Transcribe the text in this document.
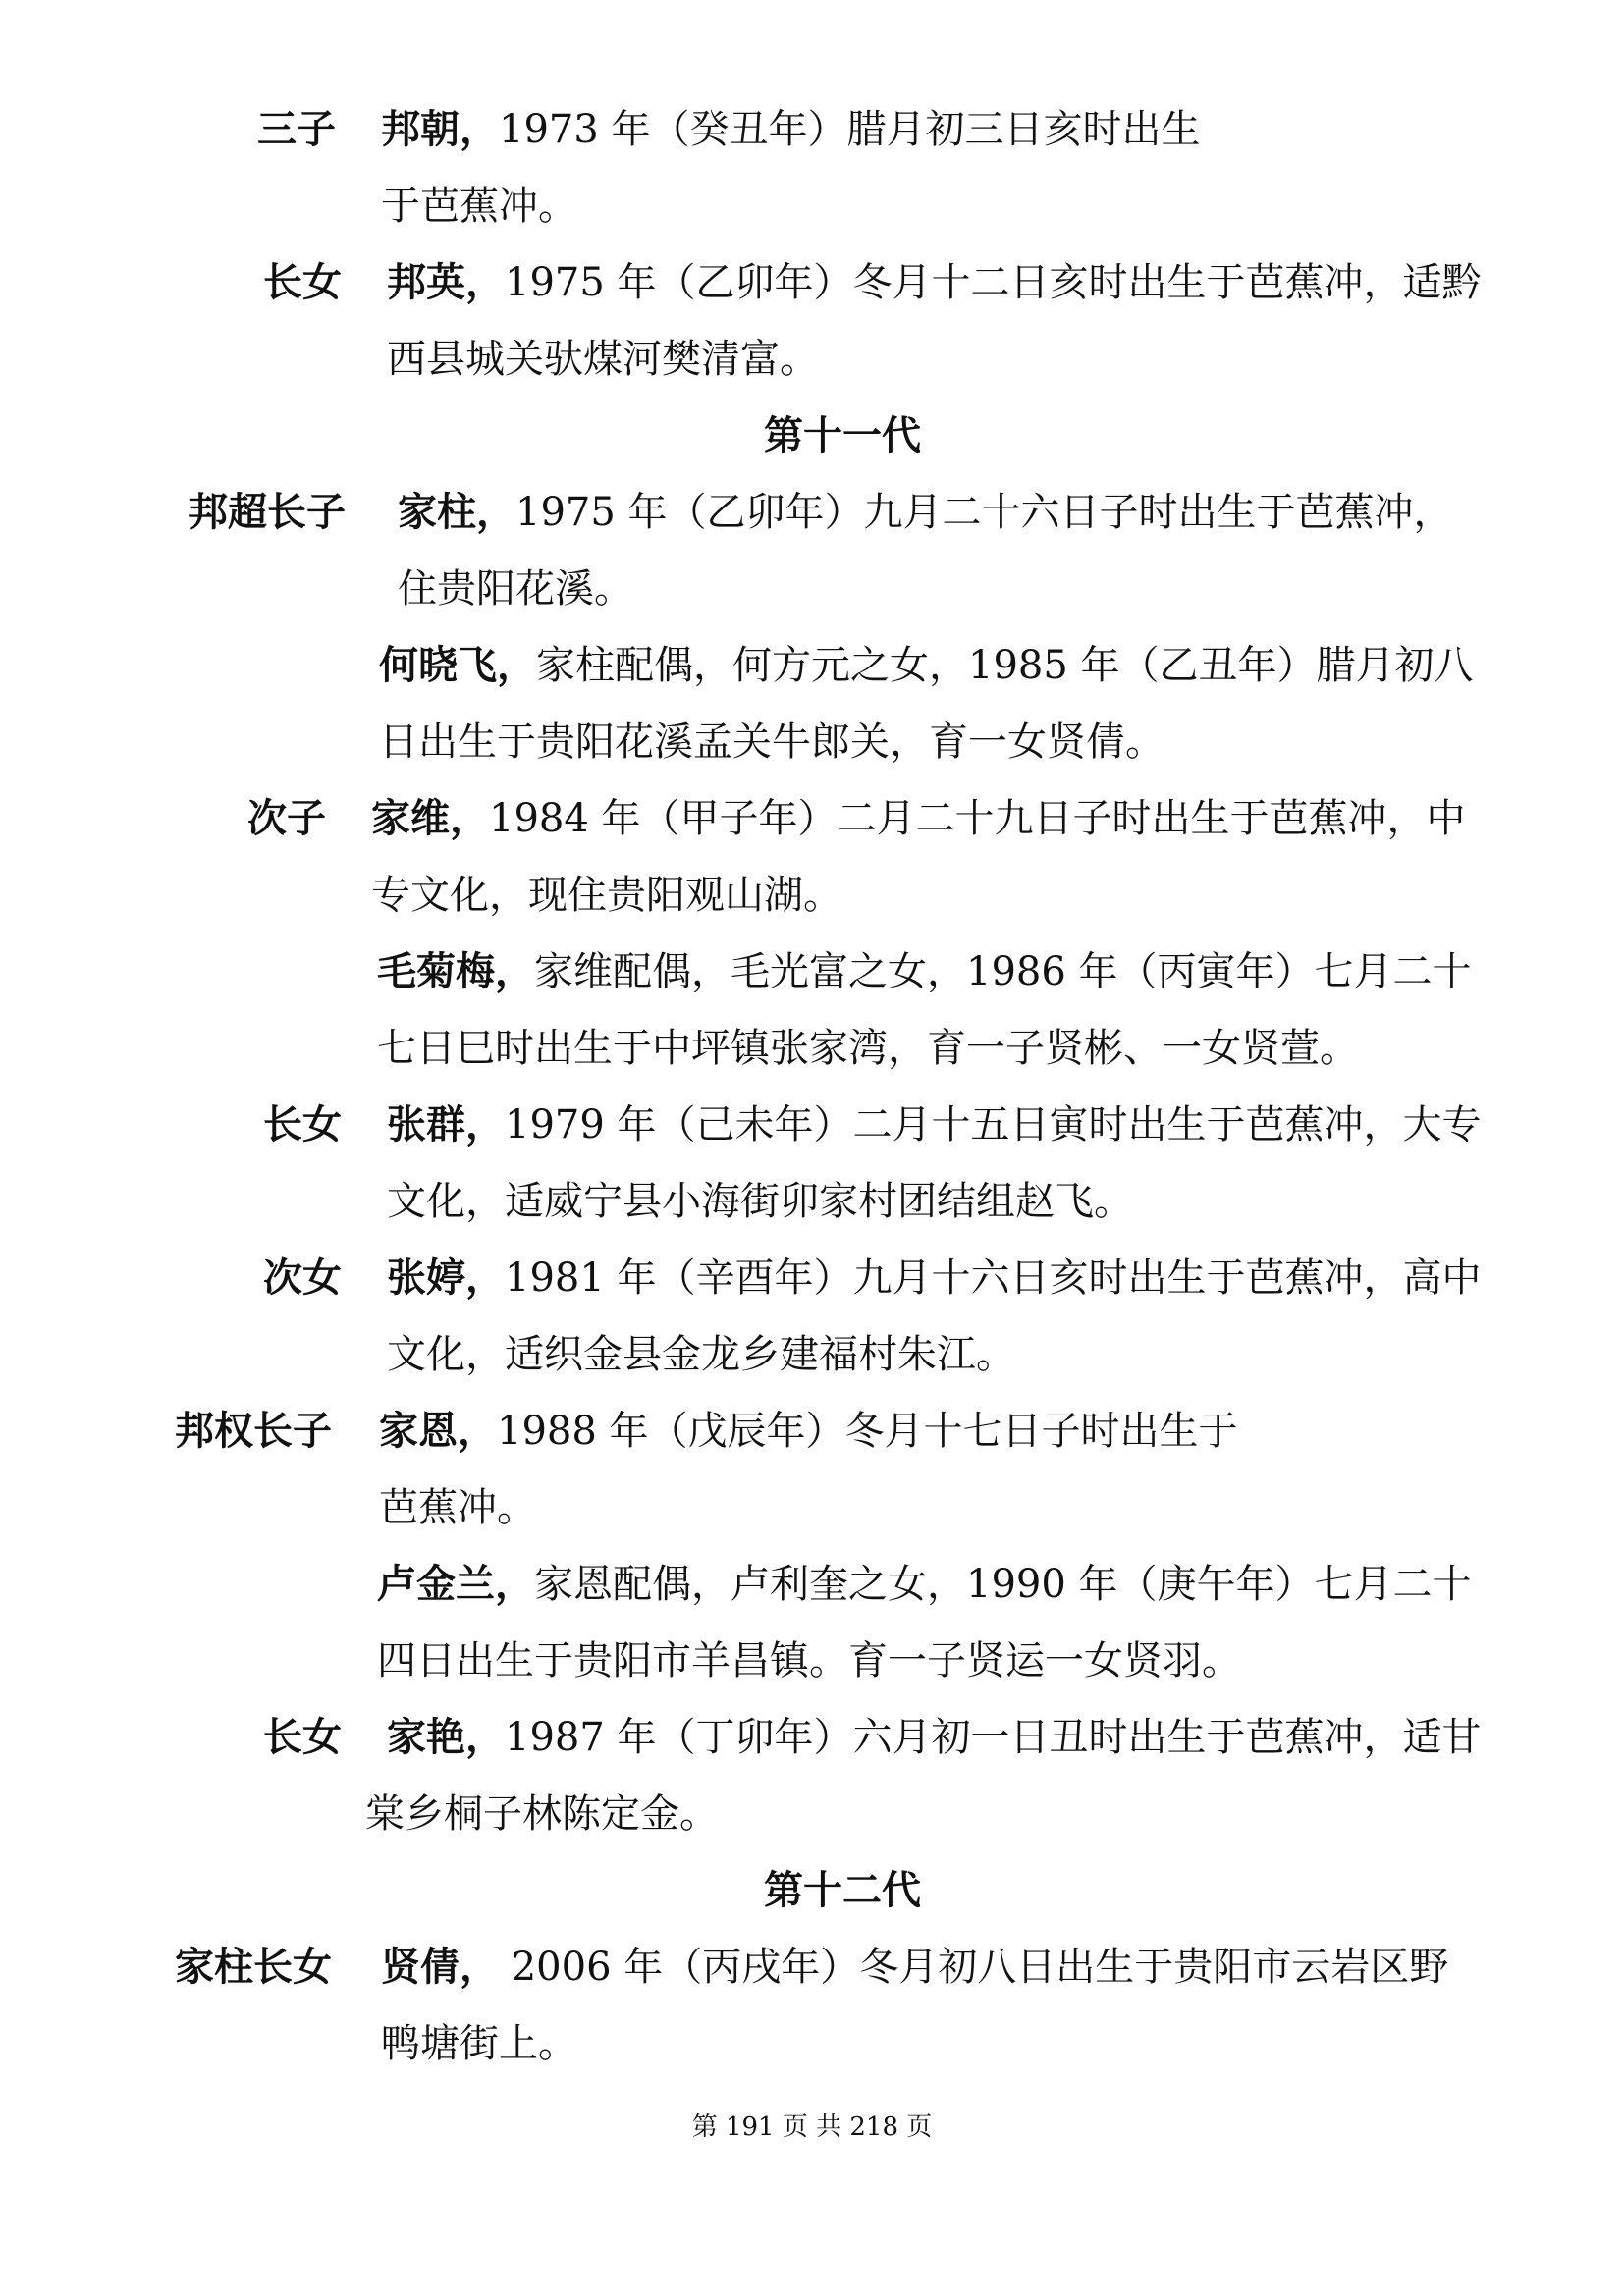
三子 邦朝，1973 年（癸丑年）腊月初三日亥时出生
于芭蕉冲。
长女 邦英，1975 年（乙卯年）冬月十二日亥时出生于芭蕉冲，适黔
西县城关驮煤河樊清富。
第十一代
邦超长子 家柱，1975 年（乙卯年）九月二十六日子时出生于芭蕉冲，
住贵阳花溪。
何晓飞，家柱配偶，何方元之女，1985 年（乙丑年）腊月初八
日出生于贵阳花溪孟关牛郎关，育一女贤倩。
次子 家维，1984 年（甲子年）二月二十九日子时出生于芭蕉冲，中
专文化，现住贵阳观山湖。
毛菊梅，家维配偶，毛光富之女，1986 年（丙寅年）七月二十
七日巳时出生于中坪镇张家湾，育一子贤彬、一女贤萱。
长女 张群，1979 年（己未年）二月十五日寅时出生于芭蕉冲，大专
文化，适威宁县小海街卯家村团结组赵飞。
次女 张婷，1981 年（辛酉年）九月十六日亥时出生于芭蕉冲，高中
文化，适织金县金龙乡建福村朱江。
邦权长子 家恩，1988 年（戊辰年）冬月十七日子时出生于
芭蕉冲。
卢金兰，家恩配偶，卢利奎之女，1990 年（庚午年）七月二十
四日出生于贵阳市羊昌镇。育一子贤运一女贤羽。
长女 家艳，1987 年（丁卯年）六月初一日丑时出生于芭蕉冲，适甘
棠乡桐子林陈定金。
第十二代
家柱长女 贤倩， 2006 年（丙戌年）冬月初八日出生于贵阳市云岩区野
鸭塘街上。
第 191 页 共 218 页
